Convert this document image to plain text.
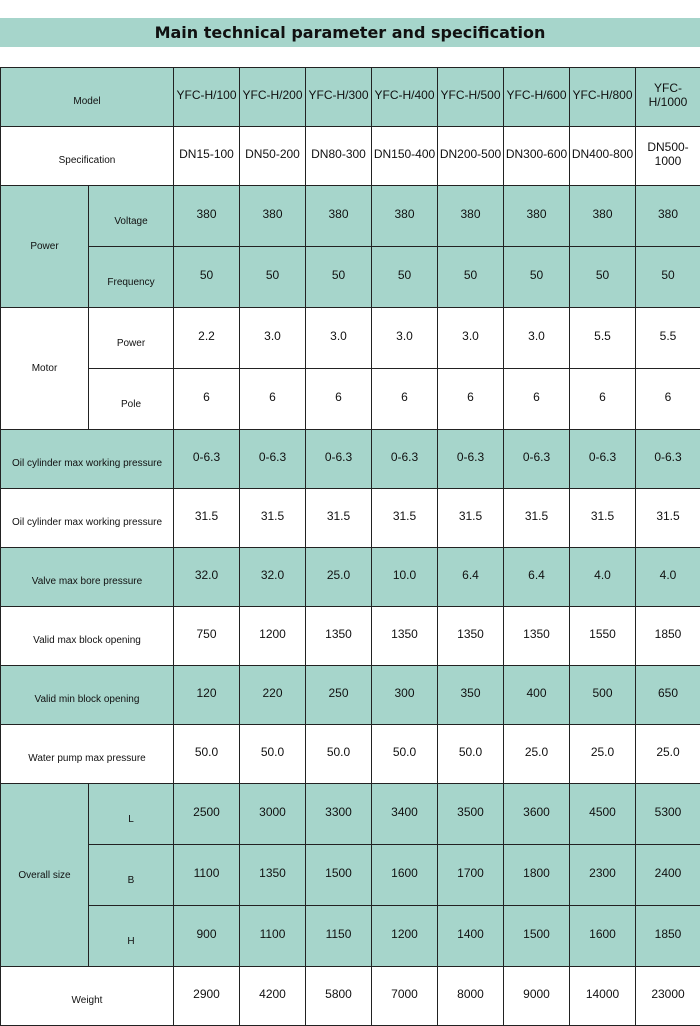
Main technical parameter and specification
Model		YFC-H/100	YFC-H/200	YFC-H/300	YFC-H/400	YFC-H/500	YFC-H/600	YFC-H/800	YFC-H/1000
Specification		DN15-100	DN50-200	DN80-300	DN150-400	DN200-500	DN300-600	DN400-800	DN500-1000
Power	Voltage	380	380	380	380	380	380	380	380
	Frequency	50	50	50	50	50	50	50	50
Motor	Power	2.2	3.0	3.0	3.0	3.0	3.0	5.5	5.5
	Pole	6	6	6	6	6	6	6	6
Oil cylinder max working pressure		0-6.3	0-6.3	0-6.3	0-6.3	0-6.3	0-6.3	0-6.3	0-6.3
Oil cylinder max working pressure		31.5	31.5	31.5	31.5	31.5	31.5	31.5	31.5
Valve max bore pressure		32.0	32.0	25.0	10.0	6.4	6.4	4.0	4.0
Valid max block opening		750	1200	1350	1350	1350	1350	1550	1850
Valid min block opening		120	220	250	300	350	400	500	650
Water pump max pressure		50.0	50.0	50.0	50.0	50.0	25.0	25.0	25.0
Overall size	L	2500	3000	3300	3400	3500	3600	4500	5300
	B	1100	1350	1500	1600	1700	1800	2300	2400
	H	900	1100	1150	1200	1400	1500	1600	1850
Weight		2900	4200	5800	7000	8000	9000	14000	23000
